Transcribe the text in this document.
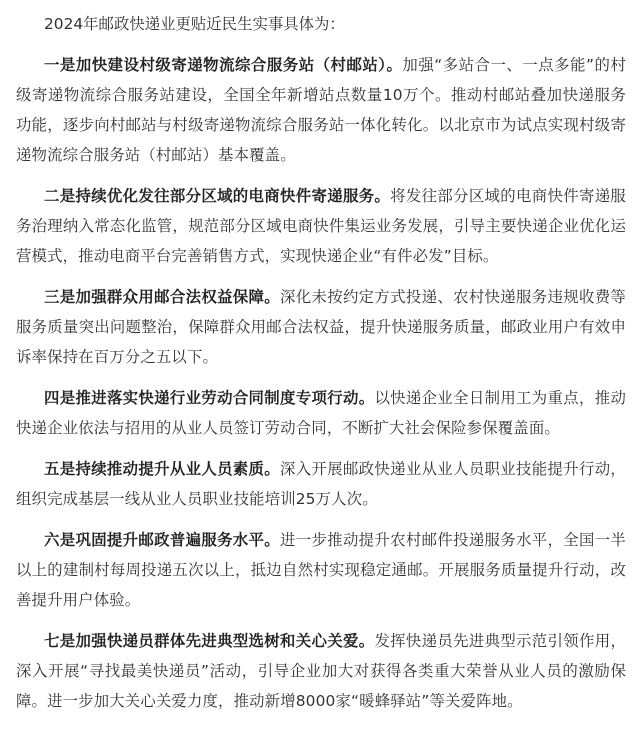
2024年邮政快递业更贴近民生实事具体为：

一是加快建设村级寄递物流综合服务站（村邮站）。加强“多站合一、一点多能”的村级寄递物流综合服务站建设，全国全年新增站点数量10万个。推动村邮站叠加快递服务功能，逐步向村邮站与村级寄递物流综合服务站一体化转化。以北京市为试点实现村级寄递物流综合服务站（村邮站）基本覆盖。

二是持续优化发往部分区域的电商快件寄递服务。将发往部分区域的电商快件寄递服务治理纳入常态化监管，规范部分区域电商快件集运业务发展，引导主要快递企业优化运营模式，推动电商平台完善销售方式，实现快递企业“有件必发”目标。

三是加强群众用邮合法权益保障。深化未按约定方式投递、农村快递服务违规收费等服务质量突出问题整治，保障群众用邮合法权益，提升快递服务质量，邮政业用户有效申诉率保持在百万分之五以下。

四是推进落实快递行业劳动合同制度专项行动。以快递企业全日制用工为重点，推动快递企业依法与招用的从业人员签订劳动合同，不断扩大社会保险参保覆盖面。

五是持续推动提升从业人员素质。深入开展邮政快递业从业人员职业技能提升行动，组织完成基层一线从业人员职业技能培训25万人次。

六是巩固提升邮政普遍服务水平。进一步推动提升农村邮件投递服务水平，全国一半以上的建制村每周投递五次以上，抵边自然村实现稳定通邮。开展服务质量提升行动，改善提升用户体验。

七是加强快递员群体先进典型选树和关心关爱。发挥快递员先进典型示范引领作用，深入开展“寻找最美快递员”活动，引导企业加大对获得各类重大荣誉从业人员的激励保障。进一步加大关心关爱力度，推动新增8000家“暖蜂驿站”等关爱阵地。
